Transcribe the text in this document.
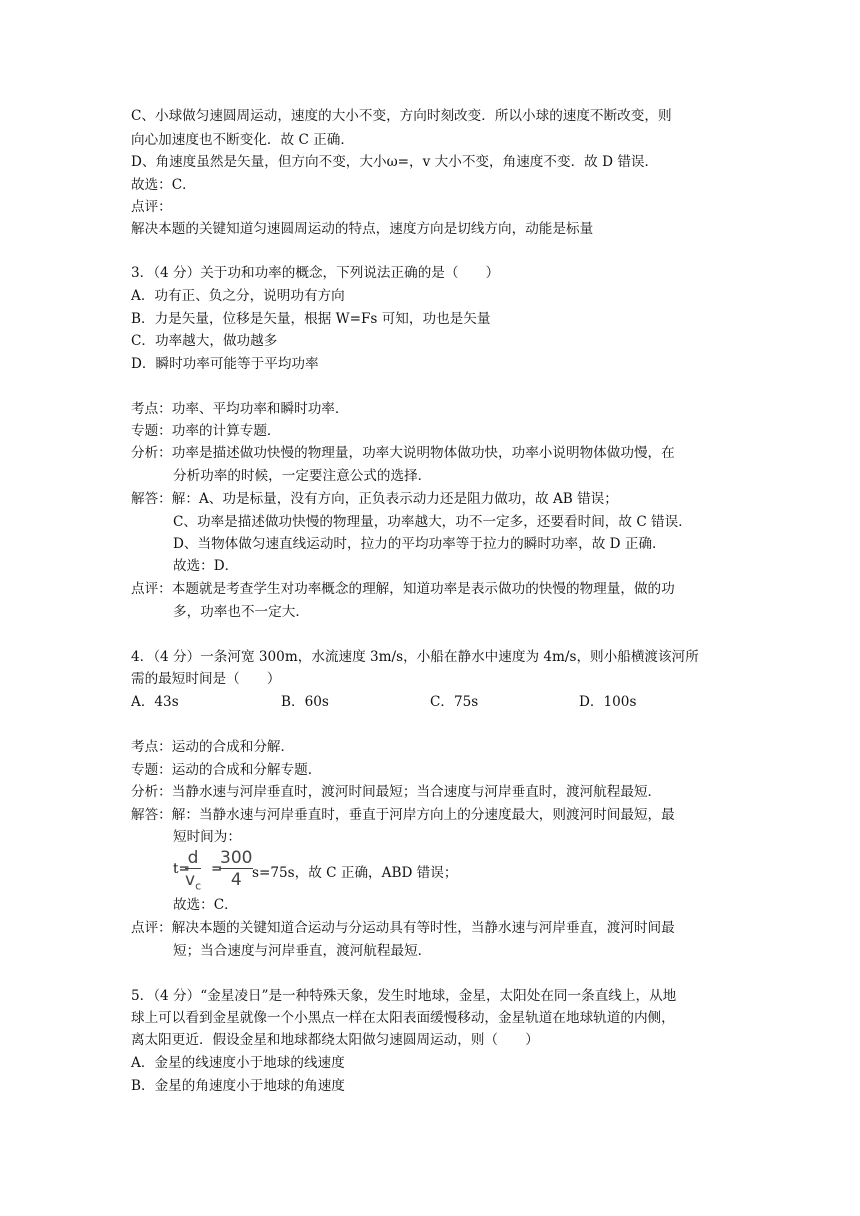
C、小球做匀速圆周运动，速度的大小不变，方向时刻改变．所以小球的速度不断改变，则
向心加速度也不断变化．故 C 正确．
D、角速度虽然是矢量，但方向不变，大小ω=，v 大小不变，角速度不变．故 D 错误．
故选：C．
点评：
解决本题的关键知道匀速圆周运动的特点，速度方向是切线方向，动能是标量
3．（4 分）关于功和功率的概念，下列说法正确的是（　　）
A．功有正、负之分，说明功有方向
B．力是矢量，位移是矢量，根据 W=Fs 可知，功也是矢量
C．功率越大，做功越多
D．瞬时功率可能等于平均功率
考点：功率、平均功率和瞬时功率．
专题：功率的计算专题．
分析：功率是描述做功快慢的物理量，功率大说明物体做功快，功率小说明物体做功慢，在
分析功率的时候，一定要注意公式的选择．
解答：解：A、功是标量，没有方向，正负表示动力还是阻力做功，故 AB 错误；
C、功率是描述做功快慢的物理量，功率越大，功不一定多，还要看时间，故 C 错误．
D、当物体做匀速直线运动时，拉力的平均功率等于拉力的瞬时功率，故 D 正确．
故选：D．
点评：本题就是考查学生对功率概念的理解，知道功率是表示做功的快慢的物理量，做的功
多，功率也不一定大．
4．（4 分）一条河宽 300m，水流速度 3m/s，小船在静水中速度为 4m/s，则小船横渡该河所
需的最短时间是（　　）
A．43s	B．60s	C．75s	D．100s
考点：运动的合成和分解．
专题：运动的合成和分解专题．
分析：当静水速与河岸垂直时，渡河时间最短；当合速度与河岸垂直时，渡河航程最短．
解答：解：当静水速与河岸垂直时，垂直于河岸方向上的分速度最大，则渡河时间最短，最
短时间为：
t=
d
$v_c$
=
300
4 s=75s，故 C 正确，ABD 错误；
故选：C．
点评：解决本题的关键知道合运动与分运动具有等时性，当静水速与河岸垂直，渡河时间最
短；当合速度与河岸垂直，渡河航程最短．
5．（4 分）“金星凌日”是一种特殊天象，发生时地球，金星，太阳处在同一条直线上，从地
球上可以看到金星就像一个小黑点一样在太阳表面缓慢移动，金星轨道在地球轨道的内侧，
离太阳更近．假设金星和地球都绕太阳做匀速圆周运动，则（　　）
A．金星的线速度小于地球的线速度
B．金星的角速度小于地球的角速度
